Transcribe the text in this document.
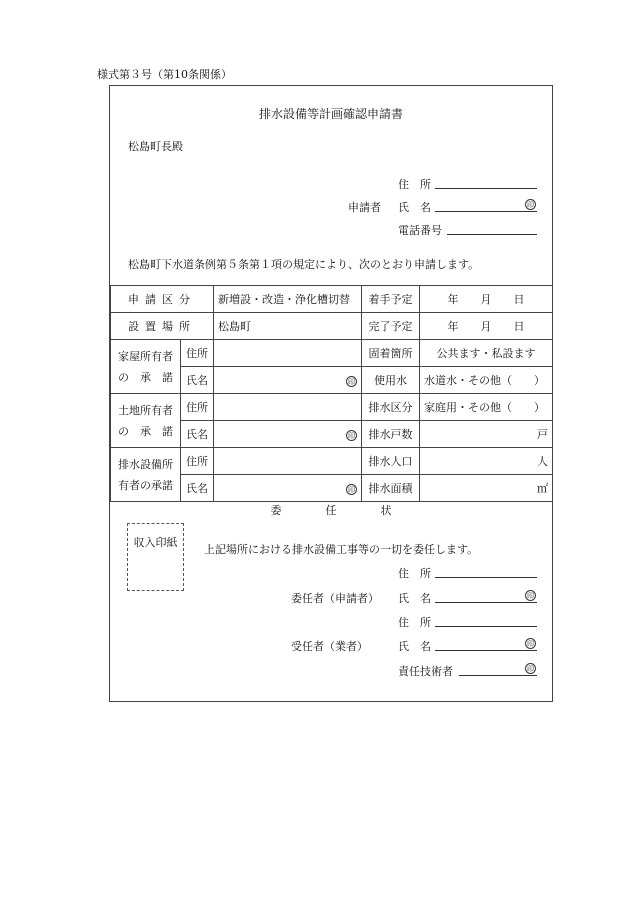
様式第３号（第10条関係）
排水設備等計画確認申請書
松島町長殿
住　所
申請者 氏　名	印
電話番号
松島町下水道条例第５条第１項の規定により、次のとおり申請します。
申請区分		新増設・改造・浄化槽切替	着手予定	年　　月　　日
設置場所		松島町	完了予定	年　　月　　日

家屋所有者
の　承　諾	住所		固着箇所	公共ます・私設ます
	氏名	印	使用水	水道水・その他（　　）

土地所有者
の　承　諾	住所		排水区分	家庭用・その他（　　）
	氏名	印	排水戸数	戸

排水設備所
有者の承諾	住所		排水人口	人
	氏名	印	排水面積	㎡
委　　　　任　　　　状
収入印紙
上記場所における排水設備工事等の一切を委任します。
住　所
委任者（申請者） 氏　名	印
住　所
受任者（業者）	氏　名	印
責任技術者	印
